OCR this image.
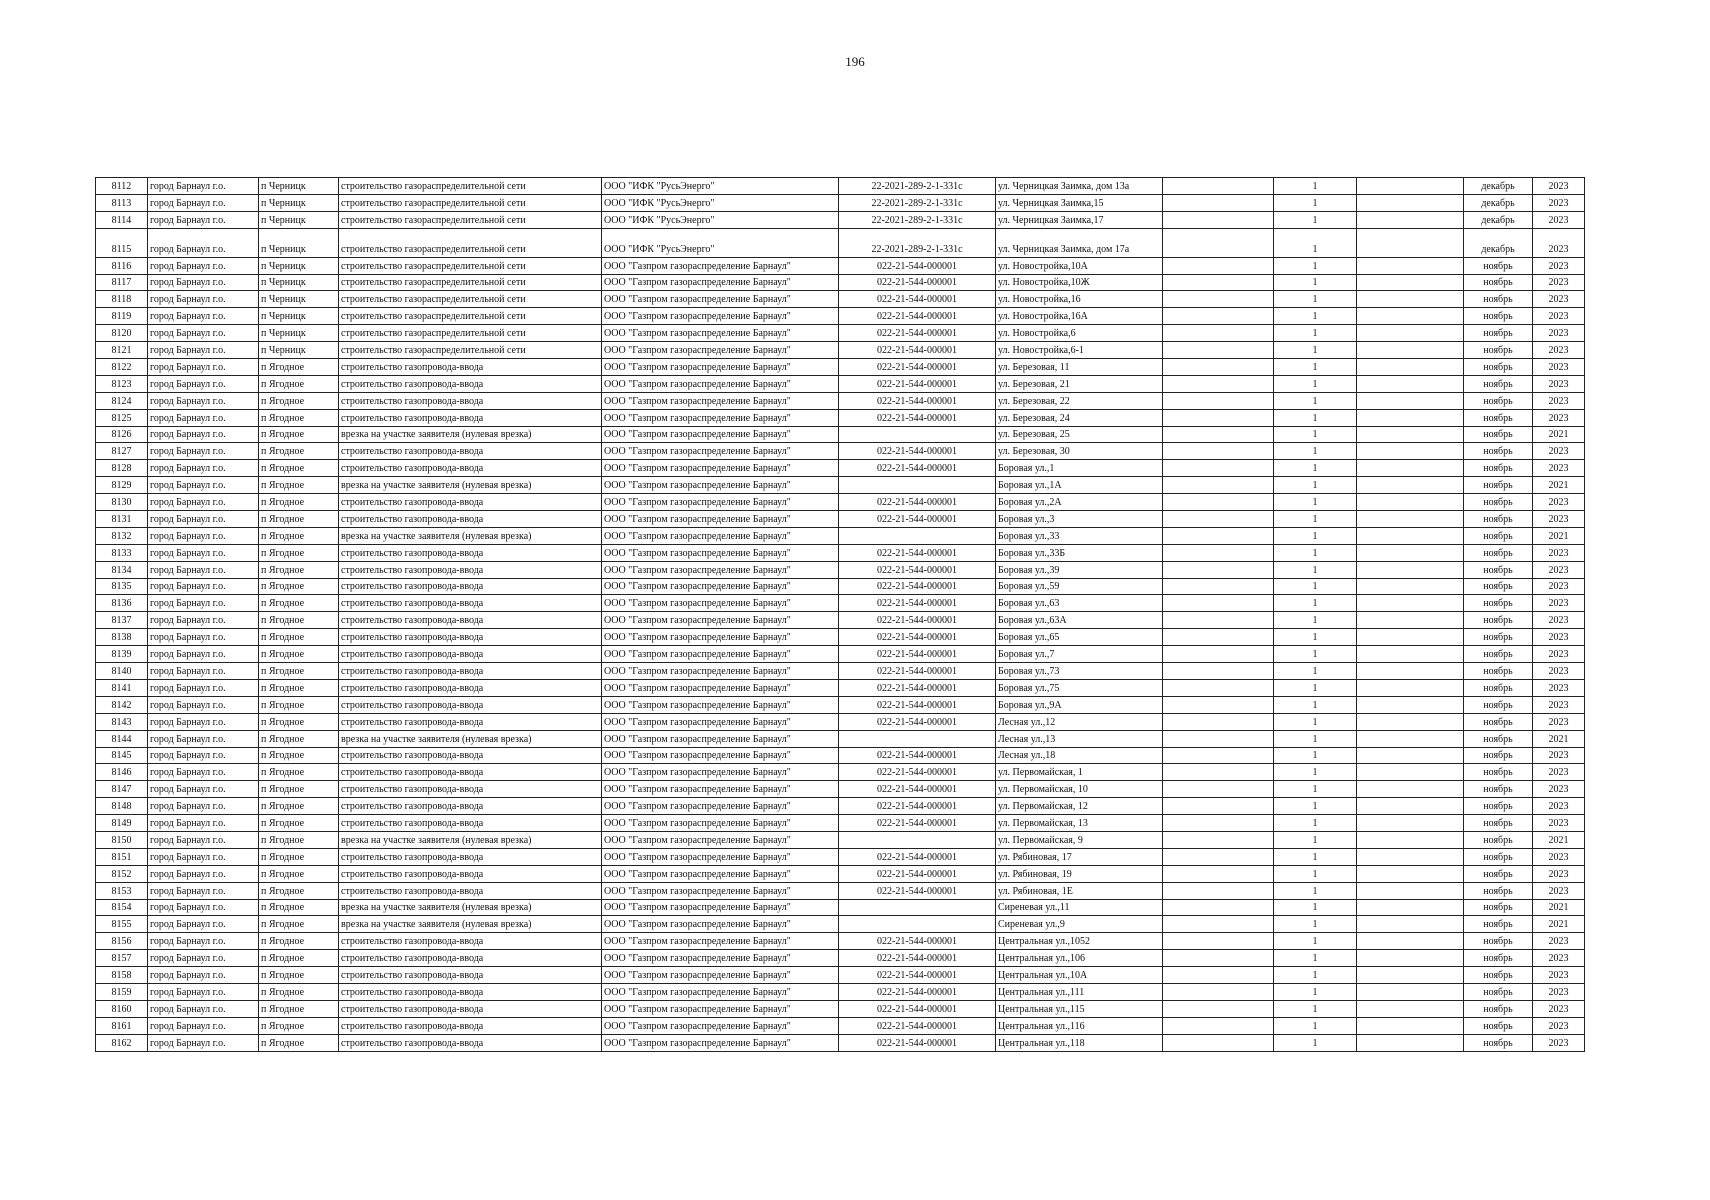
196
8112	город Барнаул г.о.	п Черницк	строительство газораспределительной сети	ООО "ИФК "РусьЭнерго"	22-2021-289-2-1-331с	ул. Черницкая Заимка, дом 13а		1		декабрь	2023
8113	город Барнаул г.о.	п Черницк	строительство газораспределительной сети	ООО "ИФК "РусьЭнерго"	22-2021-289-2-1-331с	ул. Черницкая Заимка,15		1		декабрь	2023
8114	город Барнаул г.о.	п Черницк	строительство газораспределительной сети	ООО "ИФК "РусьЭнерго"	22-2021-289-2-1-331с	ул. Черницкая Заимка,17		1		декабрь	2023
8115	город Барнаул г.о.	п Черницк	строительство газораспределительной сети	ООО "ИФК "РусьЭнерго"	22-2021-289-2-1-331с	ул. Черницкая Заимка, дом 17а		1		декабрь	2023
8116	город Барнаул г.о.	п Черницк	строительство газораспределительной сети	ООО "Газпром газораспределение Барнаул"	022-21-544-000001	ул. Новостройка,10А		1		ноябрь	2023
8117	город Барнаул г.о.	п Черницк	строительство газораспределительной сети	ООО "Газпром газораспределение Барнаул"	022-21-544-000001	ул. Новостройка,10Ж		1		ноябрь	2023
8118	город Барнаул г.о.	п Черницк	строительство газораспределительной сети	ООО "Газпром газораспределение Барнаул"	022-21-544-000001	ул. Новостройка,16		1		ноябрь	2023
8119	город Барнаул г.о.	п Черницк	строительство газораспределительной сети	ООО "Газпром газораспределение Барнаул"	022-21-544-000001	ул. Новостройка,16А		1		ноябрь	2023
8120	город Барнаул г.о.	п Черницк	строительство газораспределительной сети	ООО "Газпром газораспределение Барнаул"	022-21-544-000001	ул. Новостройка,6		1		ноябрь	2023
8121	город Барнаул г.о.	п Черницк	строительство газораспределительной сети	ООО "Газпром газораспределение Барнаул"	022-21-544-000001	ул. Новостройка,6-1		1		ноябрь	2023
8122	город Барнаул г.о.	п Ягодное	строительство газопровода-ввода	ООО "Газпром газораспределение Барнаул"	022-21-544-000001	ул. Березовая, 11		1		ноябрь	2023
8123	город Барнаул г.о.	п Ягодное	строительство газопровода-ввода	ООО "Газпром газораспределение Барнаул"	022-21-544-000001	ул. Березовая, 21		1		ноябрь	2023
8124	город Барнаул г.о.	п Ягодное	строительство газопровода-ввода	ООО "Газпром газораспределение Барнаул"	022-21-544-000001	ул. Березовая, 22		1		ноябрь	2023
8125	город Барнаул г.о.	п Ягодное	строительство газопровода-ввода	ООО "Газпром газораспределение Барнаул"	022-21-544-000001	ул. Березовая, 24		1		ноябрь	2023
8126	город Барнаул г.о.	п Ягодное	врезка на участке заявителя (нулевая врезка)	ООО "Газпром газораспределение Барнаул"		ул. Березовая, 25		1		ноябрь	2021
8127	город Барнаул г.о.	п Ягодное	строительство газопровода-ввода	ООО "Газпром газораспределение Барнаул"	022-21-544-000001	ул. Березовая, 30		1		ноябрь	2023
8128	город Барнаул г.о.	п Ягодное	строительство газопровода-ввода	ООО "Газпром газораспределение Барнаул"	022-21-544-000001	Боровая ул.,1		1		ноябрь	2023
8129	город Барнаул г.о.	п Ягодное	врезка на участке заявителя (нулевая врезка)	ООО "Газпром газораспределение Барнаул"		Боровая ул.,1А		1		ноябрь	2021
8130	город Барнаул г.о.	п Ягодное	строительство газопровода-ввода	ООО "Газпром газораспределение Барнаул"	022-21-544-000001	Боровая ул.,2А		1		ноябрь	2023
8131	город Барнаул г.о.	п Ягодное	строительство газопровода-ввода	ООО "Газпром газораспределение Барнаул"	022-21-544-000001	Боровая ул.,3		1		ноябрь	2023
8132	город Барнаул г.о.	п Ягодное	врезка на участке заявителя (нулевая врезка)	ООО "Газпром газораспределение Барнаул"		Боровая ул.,33		1		ноябрь	2021
8133	город Барнаул г.о.	п Ягодное	строительство газопровода-ввода	ООО "Газпром газораспределение Барнаул"	022-21-544-000001	Боровая ул.,33Б		1		ноябрь	2023
8134	город Барнаул г.о.	п Ягодное	строительство газопровода-ввода	ООО "Газпром газораспределение Барнаул"	022-21-544-000001	Боровая ул.,39		1		ноябрь	2023
8135	город Барнаул г.о.	п Ягодное	строительство газопровода-ввода	ООО "Газпром газораспределение Барнаул"	022-21-544-000001	Боровая ул.,59		1		ноябрь	2023
8136	город Барнаул г.о.	п Ягодное	строительство газопровода-ввода	ООО "Газпром газораспределение Барнаул"	022-21-544-000001	Боровая ул.,63		1		ноябрь	2023
8137	город Барнаул г.о.	п Ягодное	строительство газопровода-ввода	ООО "Газпром газораспределение Барнаул"	022-21-544-000001	Боровая ул.,63А		1		ноябрь	2023
8138	город Барнаул г.о.	п Ягодное	строительство газопровода-ввода	ООО "Газпром газораспределение Барнаул"	022-21-544-000001	Боровая ул.,65		1		ноябрь	2023
8139	город Барнаул г.о.	п Ягодное	строительство газопровода-ввода	ООО "Газпром газораспределение Барнаул"	022-21-544-000001	Боровая ул.,7		1		ноябрь	2023
8140	город Барнаул г.о.	п Ягодное	строительство газопровода-ввода	ООО "Газпром газораспределение Барнаул"	022-21-544-000001	Боровая ул.,73		1		ноябрь	2023
8141	город Барнаул г.о.	п Ягодное	строительство газопровода-ввода	ООО "Газпром газораспределение Барнаул"	022-21-544-000001	Боровая ул.,75		1		ноябрь	2023
8142	город Барнаул г.о.	п Ягодное	строительство газопровода-ввода	ООО "Газпром газораспределение Барнаул"	022-21-544-000001	Боровая ул.,9А		1		ноябрь	2023
8143	город Барнаул г.о.	п Ягодное	строительство газопровода-ввода	ООО "Газпром газораспределение Барнаул"	022-21-544-000001	Лесная ул.,12		1		ноябрь	2023
8144	город Барнаул г.о.	п Ягодное	врезка на участке заявителя (нулевая врезка)	ООО "Газпром газораспределение Барнаул"		Лесная ул.,13		1		ноябрь	2021
8145	город Барнаул г.о.	п Ягодное	строительство газопровода-ввода	ООО "Газпром газораспределение Барнаул"	022-21-544-000001	Лесная ул.,18		1		ноябрь	2023
8146	город Барнаул г.о.	п Ягодное	строительство газопровода-ввода	ООО "Газпром газораспределение Барнаул"	022-21-544-000001	ул. Первомайская, 1		1		ноябрь	2023
8147	город Барнаул г.о.	п Ягодное	строительство газопровода-ввода	ООО "Газпром газораспределение Барнаул"	022-21-544-000001	ул. Первомайская, 10		1		ноябрь	2023
8148	город Барнаул г.о.	п Ягодное	строительство газопровода-ввода	ООО "Газпром газораспределение Барнаул"	022-21-544-000001	ул. Первомайская, 12		1		ноябрь	2023
8149	город Барнаул г.о.	п Ягодное	строительство газопровода-ввода	ООО "Газпром газораспределение Барнаул"	022-21-544-000001	ул. Первомайская, 13		1		ноябрь	2023
8150	город Барнаул г.о.	п Ягодное	врезка на участке заявителя (нулевая врезка)	ООО "Газпром газораспределение Барнаул"		ул. Первомайская, 9		1		ноябрь	2021
8151	город Барнаул г.о.	п Ягодное	строительство газопровода-ввода	ООО "Газпром газораспределение Барнаул"	022-21-544-000001	ул. Рябиновая, 17		1		ноябрь	2023
8152	город Барнаул г.о.	п Ягодное	строительство газопровода-ввода	ООО "Газпром газораспределение Барнаул"	022-21-544-000001	ул. Рябиновая, 19		1		ноябрь	2023
8153	город Барнаул г.о.	п Ягодное	строительство газопровода-ввода	ООО "Газпром газораспределение Барнаул"	022-21-544-000001	ул. Рябиновая, 1Е		1		ноябрь	2023
8154	город Барнаул г.о.	п Ягодное	врезка на участке заявителя (нулевая врезка)	ООО "Газпром газораспределение Барнаул"		Сиреневая ул.,11		1		ноябрь	2021
8155	город Барнаул г.о.	п Ягодное	врезка на участке заявителя (нулевая врезка)	ООО "Газпром газораспределение Барнаул"		Сиреневая ул.,9		1		ноябрь	2021
8156	город Барнаул г.о.	п Ягодное	строительство газопровода-ввода	ООО "Газпром газораспределение Барнаул"	022-21-544-000001	Центральная ул.,1052		1		ноябрь	2023
8157	город Барнаул г.о.	п Ягодное	строительство газопровода-ввода	ООО "Газпром газораспределение Барнаул"	022-21-544-000001	Центральная ул.,106		1		ноябрь	2023
8158	город Барнаул г.о.	п Ягодное	строительство газопровода-ввода	ООО "Газпром газораспределение Барнаул"	022-21-544-000001	Центральная ул.,10А		1		ноябрь	2023
8159	город Барнаул г.о.	п Ягодное	строительство газопровода-ввода	ООО "Газпром газораспределение Барнаул"	022-21-544-000001	Центральная ул.,111		1		ноябрь	2023
8160	город Барнаул г.о.	п Ягодное	строительство газопровода-ввода	ООО "Газпром газораспределение Барнаул"	022-21-544-000001	Центральная ул.,115		1		ноябрь	2023
8161	город Барнаул г.о.	п Ягодное	строительство газопровода-ввода	ООО "Газпром газораспределение Барнаул"	022-21-544-000001	Центральная ул.,116		1		ноябрь	2023
8162	город Барнаул г.о.	п Ягодное	строительство газопровода-ввода	ООО "Газпром газораспределение Барнаул"	022-21-544-000001	Центральная ул.,118		1		ноябрь	2023
